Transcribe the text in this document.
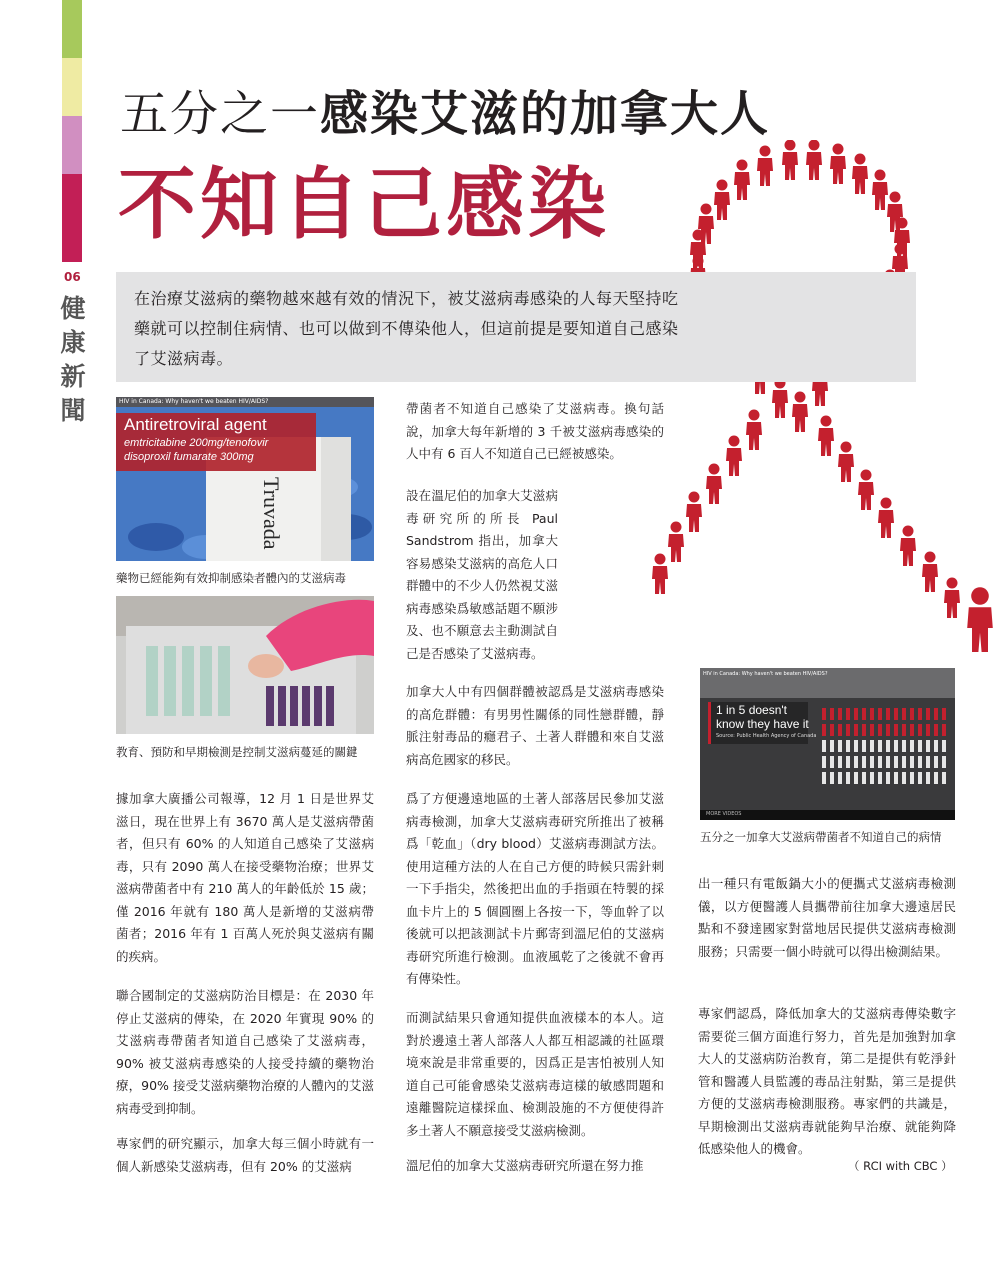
06
健康新聞
五分之一感染艾滋的加拿大人
不知自己感染
在治療艾滋病的藥物越來越有效的情況下，被艾滋病毒感染的人每天堅持吃藥就可以控制住病情、也可以做到不傳染他人，但這前提是要知道自己感染了艾滋病毒。
HIV in Canada: Why haven't we beaten HIV/AIDS?
Antiretroviral agent
emtricitabine 200mg/tenofovir
disoproxil fumarate 300mg
Truvada
藥物已經能夠有效抑制感染者體內的艾滋病毒
教育、預防和早期檢測是控制艾滋病蔓延的關鍵
HIV in Canada: Why haven't we beaten HIV/AIDS?
1 in 5 doesn't
know they have it
Source: Public Health Agency of Canada
MORE VIDEOS
五分之一加拿大艾滋病帶菌者不知道自己的病情
帶菌者不知道自己感染了艾滋病毒。換句話說，加拿大每年新增的 3 千被艾滋病毒感染的人中有 6 百人不知道自己已經被感染。
設在溫尼伯的加拿大艾滋病毒研究所的所長 Paul Sandstrom 指出，加拿大容易感染艾滋病的高危人口群體中的不少人仍然視艾滋病毒感染爲敏感話題不願涉及、也不願意去主動測試自己是否感染了艾滋病毒。
加拿大人中有四個群體被認爲是艾滋病毒感染的高危群體：有男男性關係的同性戀群體，靜脈注射毒品的癮君子、土著人群體和來自艾滋病高危國家的移民。
據加拿大廣播公司報導，12 月 1 日是世界艾滋日，現在世界上有 3670 萬人是艾滋病帶菌者，但只有 60% 的人知道自己感染了艾滋病毒，只有 2090 萬人在接受藥物治療；世界艾滋病帶菌者中有 210 萬人的年齡低於 15 歲；僅 2016 年就有 180 萬人是新增的艾滋病帶菌者；2016 年有 1 百萬人死於與艾滋病有關的疾病。
聯合國制定的艾滋病防治目標是：在 2030 年停止艾滋病的傳染，在 2020 年實現 90% 的艾滋病毒帶菌者知道自己感染了艾滋病毒，90% 被艾滋病毒感染的人接受持續的藥物治療，90% 接受艾滋病藥物治療的人體內的艾滋病毒受到抑制。
專家們的研究顯示，加拿大每三個小時就有一個人新感染艾滋病毒，但有 20% 的艾滋病
爲了方便邊遠地區的土著人部落居民參加艾滋病毒檢測，加拿大艾滋病毒研究所推出了被稱爲「乾血」（dry blood）艾滋病毒測試方法。使用這種方法的人在自己方便的時候只需針刺一下手指尖，然後把出血的手指頭在特製的採血卡片上的 5 個圓圈上各按一下，等血幹了以後就可以把該測試卡片郵寄到溫尼伯的艾滋病毒研究所進行檢測。血液風乾了之後就不會再有傳染性。
而測試結果只會通知提供血液樣本的本人。這對於邊遠土著人部落人人都互相認識的社區環境來說是非常重要的，因爲正是害怕被別人知道自己可能會感染艾滋病毒這樣的敏感問題和遠離醫院這樣採血、檢測設施的不方便使得許多土著人不願意接受艾滋病檢測。
溫尼伯的加拿大艾滋病毒研究所還在努力推
出一種只有電飯鍋大小的便攜式艾滋病毒檢測儀，以方便醫護人員攜帶前往加拿大邊遠居民點和不發達國家對當地居民提供艾滋病毒檢測服務；只需要一個小時就可以得出檢測結果。
專家們認爲，降低加拿大的艾滋病毒傳染數字需要從三個方面進行努力，首先是加強對加拿大人的艾滋病防治教育，第二是提供有乾淨針管和醫護人員監護的毒品注射點，第三是提供方便的艾滋病毒檢測服務。專家們的共識是，早期檢測出艾滋病毒就能夠早治療、就能夠降低感染他人的機會。
（ RCI with CBC ）
